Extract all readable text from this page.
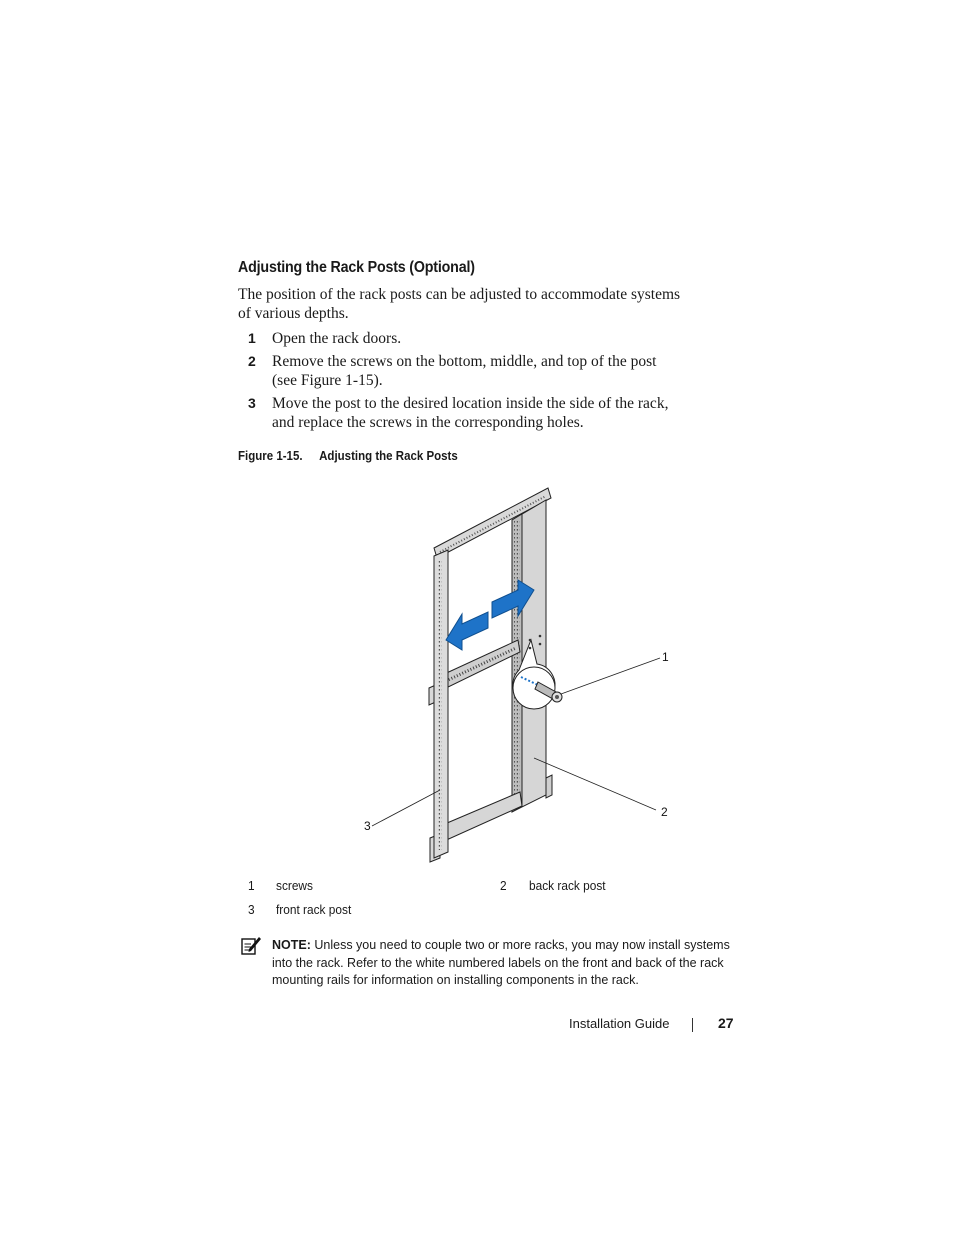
Adjusting the Rack Posts (Optional)
The position of the rack posts can be adjusted to accommodate systems
of various depths.
1	Open the rack doors.
2	Remove the screws on the bottom, middle, and top of the post
(see Figure 1-15).
3	Move the post to the desired location inside the side of the rack,
and replace the screws in the corresponding holes.
Figure 1-15. Adjusting the Rack Posts
1
2
3
1 screws	2 back rack post
3 front rack post
NOTE: Unless you need to couple two or more racks, you may now install systems into the rack. Refer to the white numbered labels on the front and back of the rack mounting rails for information on installing components in the rack.
Installation Guide	27
